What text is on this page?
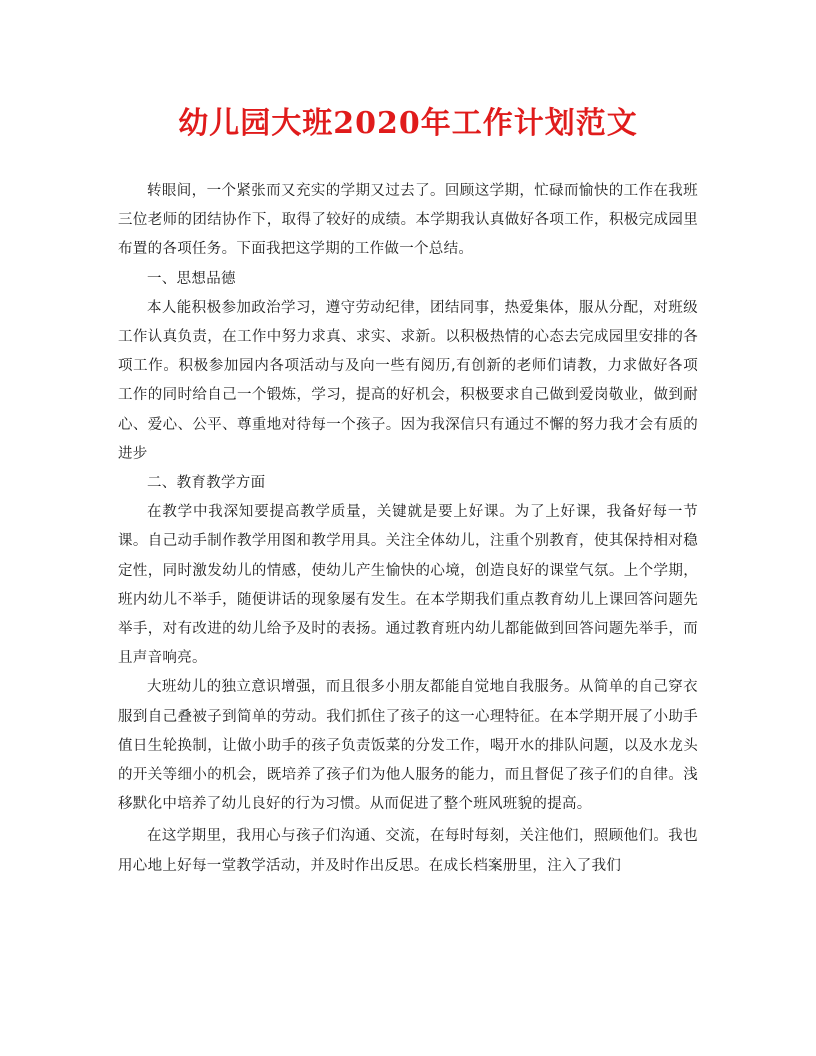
幼儿园大班2020年工作计划范文

转眼间，一个紧张而又充实的学期又过去了。回顾这学期，忙碌而愉快的工作在我班三位老师的团结协作下，取得了较好的成绩。本学期我认真做好各项工作，积极完成园里布置的各项任务。下面我把这学期的工作做一个总结。

一、思想品德

本人能积极参加政治学习，遵守劳动纪律，团结同事，热爱集体，服从分配，对班级工作认真负责，在工作中努力求真、求实、求新。以积极热情的心态去完成园里安排的各项工作。积极参加园内各项活动与及向一些有阅历,有创新的老师们请教，力求做好各项工作的同时给自己一个锻炼，学习，提高的好机会，积极要求自己做到爱岗敬业，做到耐心、爱心、公平、尊重地对待每一个孩子。因为我深信只有通过不懈的努力我才会有质的进步

二、教育教学方面

在教学中我深知要提高教学质量，关键就是要上好课。为了上好课，我备好每一节课。自己动手制作教学用图和教学用具。关注全体幼儿，注重个别教育，使其保持相对稳定性，同时激发幼儿的情感，使幼儿产生愉快的心境，创造良好的课堂气氛。上个学期，班内幼儿不举手，随便讲话的现象屡有发生。在本学期我们重点教育幼儿上课回答问题先举手，对有改进的幼儿给予及时的表扬。通过教育班内幼儿都能做到回答问题先举手，而且声音响亮。

大班幼儿的独立意识增强，而且很多小朋友都能自觉地自我服务。从简单的自己穿衣服到自己叠被子到简单的劳动。我们抓住了孩子的这一心理特征。在本学期开展了小助手值日生轮换制，让做小助手的孩子负责饭菜的分发工作，喝开水的排队问题，以及水龙头的开关等细小的机会，既培养了孩子们为他人服务的能力，而且督促了孩子们的自律。浅移默化中培养了幼儿良好的行为习惯。从而促进了整个班风班貌的提高。

在这学期里，我用心与孩子们沟通、交流，在每时每刻，关注他们，照顾他们。我也用心地上好每一堂教学活动，并及时作出反思。在成长档案册里，注入了我们
